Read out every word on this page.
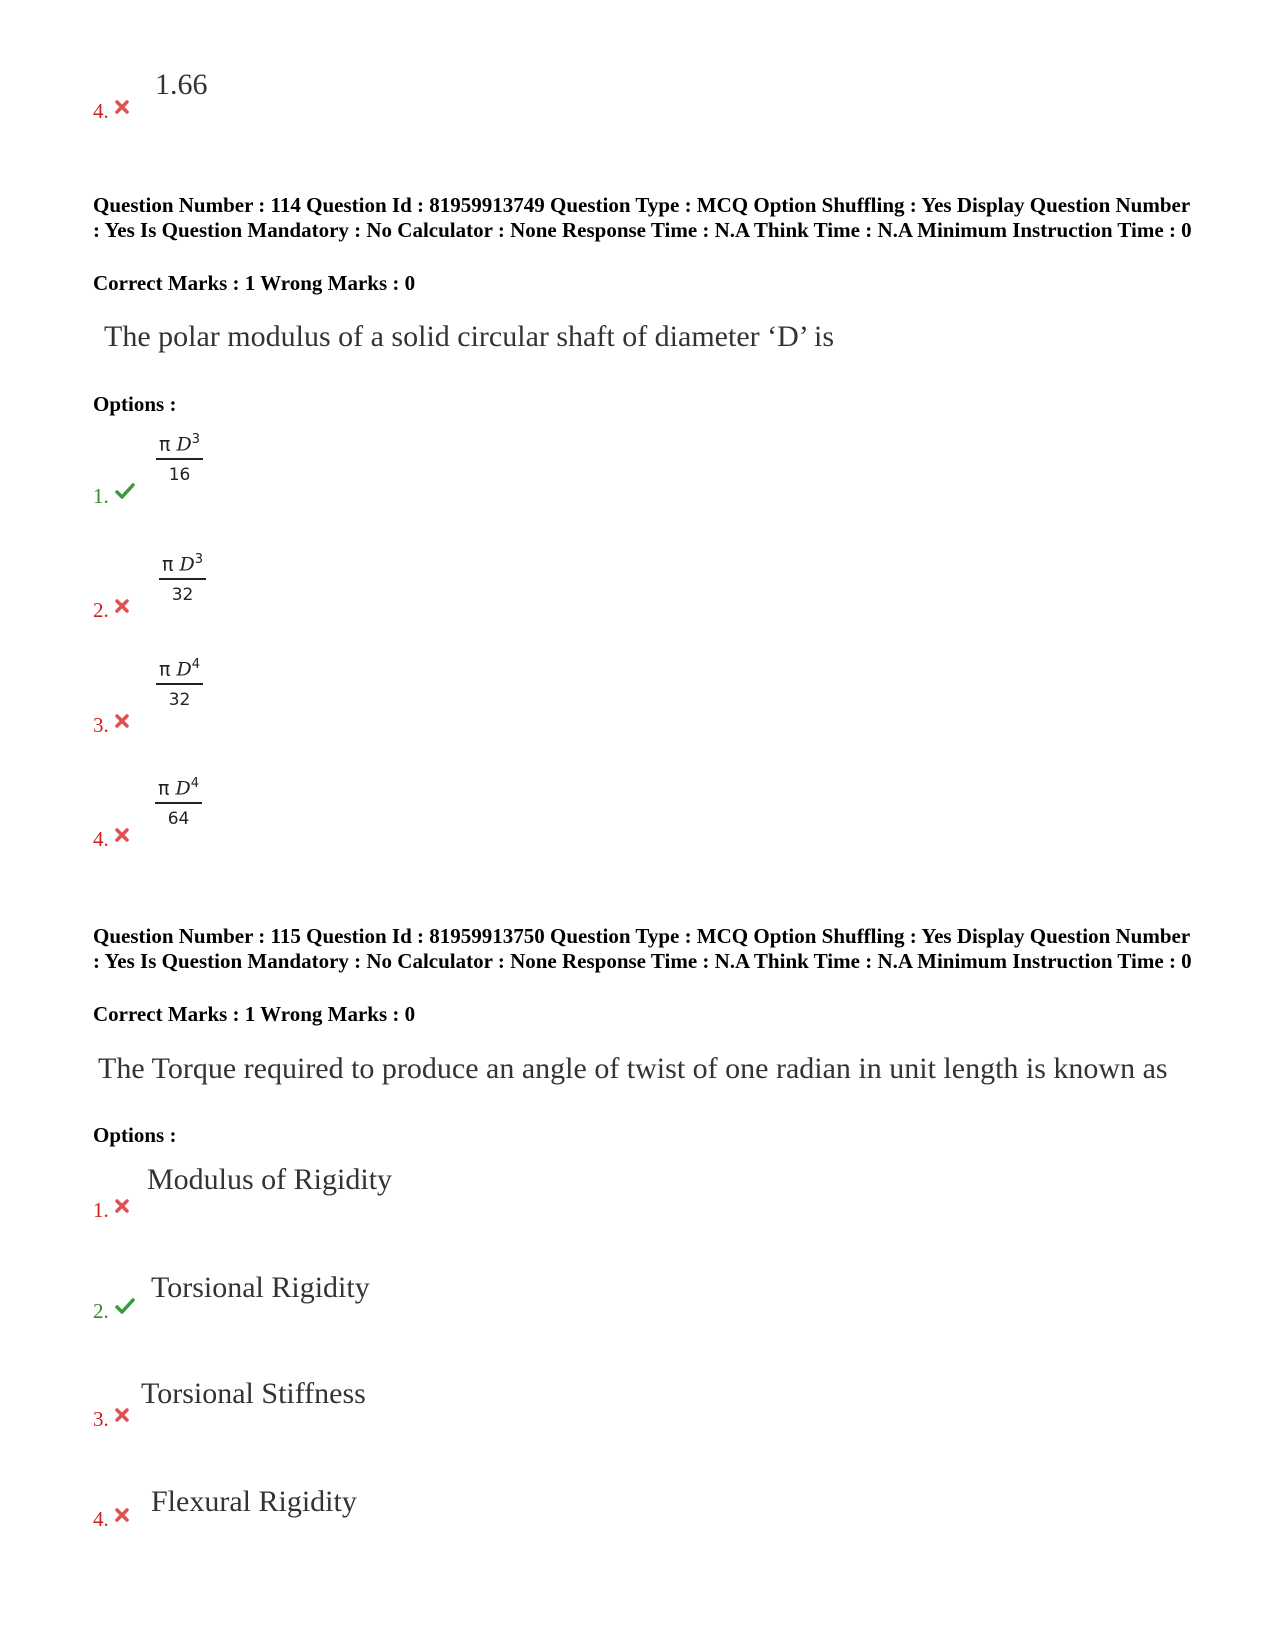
1.66
4.
Question Number : 114 Question Id : 81959913749 Question Type : MCQ Option Shuffling : Yes Display Question Number : Yes Is Question Mandatory : No Calculator : None Response Time : N.A Think Time : N.A Minimum Instruction Time : 0
Correct Marks : 1 Wrong Marks : 0
The polar modulus of a solid circular shaft of diameter ‘D’ is
Options :
$\frac{\pi D^3}{16}$
1.
$\frac{\pi D^3}{32}$
2.
$\frac{\pi D^4}{32}$
3.
$\frac{\pi D^4}{64}$
4.
Question Number : 115 Question Id : 81959913750 Question Type : MCQ Option Shuffling : Yes Display Question Number : Yes Is Question Mandatory : No Calculator : None Response Time : N.A Think Time : N.A Minimum Instruction Time : 0
Correct Marks : 1 Wrong Marks : 0
The Torque required to produce an angle of twist of one radian in unit length is known as
Options :
Modulus of Rigidity
1.
Torsional Rigidity
2.
Torsional Stiffness
3.
Flexural Rigidity
4.
